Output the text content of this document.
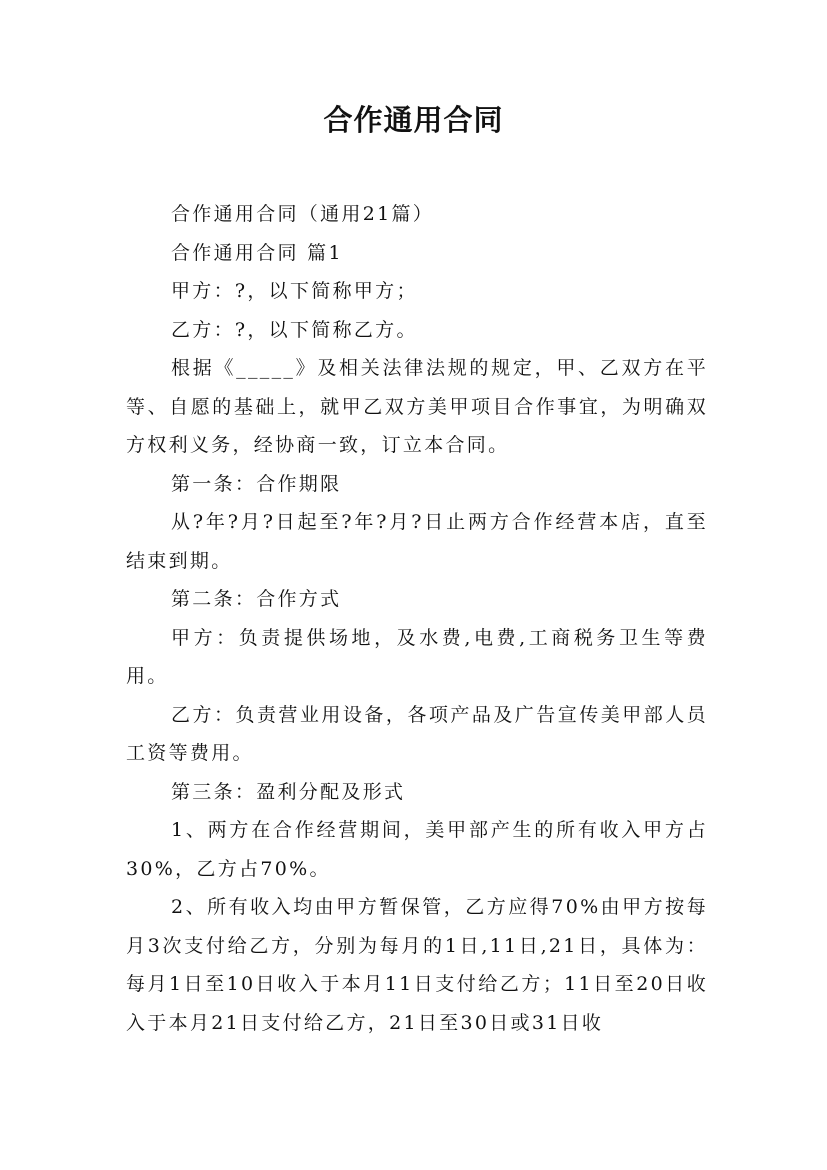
合作通用合同

合作通用合同（通用21篇）

合作通用合同 篇1

甲方：?，以下简称甲方；

乙方：?，以下简称乙方。

根据《_____》及相关法律法规的规定，甲、乙双方在平等、自愿的基础上，就甲乙双方美甲项目合作事宜，为明确双方权利义务，经协商一致，订立本合同。

第一条：合作期限

从?年?月?日起至?年?月?日止两方合作经营本店，直至结束到期。

第二条：合作方式

甲方：负责提供场地，及水费,电费,工商税务卫生等费用。

乙方：负责营业用设备，各项产品及广告宣传美甲部人员工资等费用。

第三条：盈利分配及形式

1、两方在合作经营期间，美甲部产生的所有收入甲方占30%，乙方占70%。

2、所有收入均由甲方暂保管，乙方应得70%由甲方按每月3次支付给乙方，分别为每月的1日,11日,21日，具体为：每月1日至10日收入于本月11日支付给乙方；11日至20日收入于本月21日支付给乙方，21日至30日或31日收
